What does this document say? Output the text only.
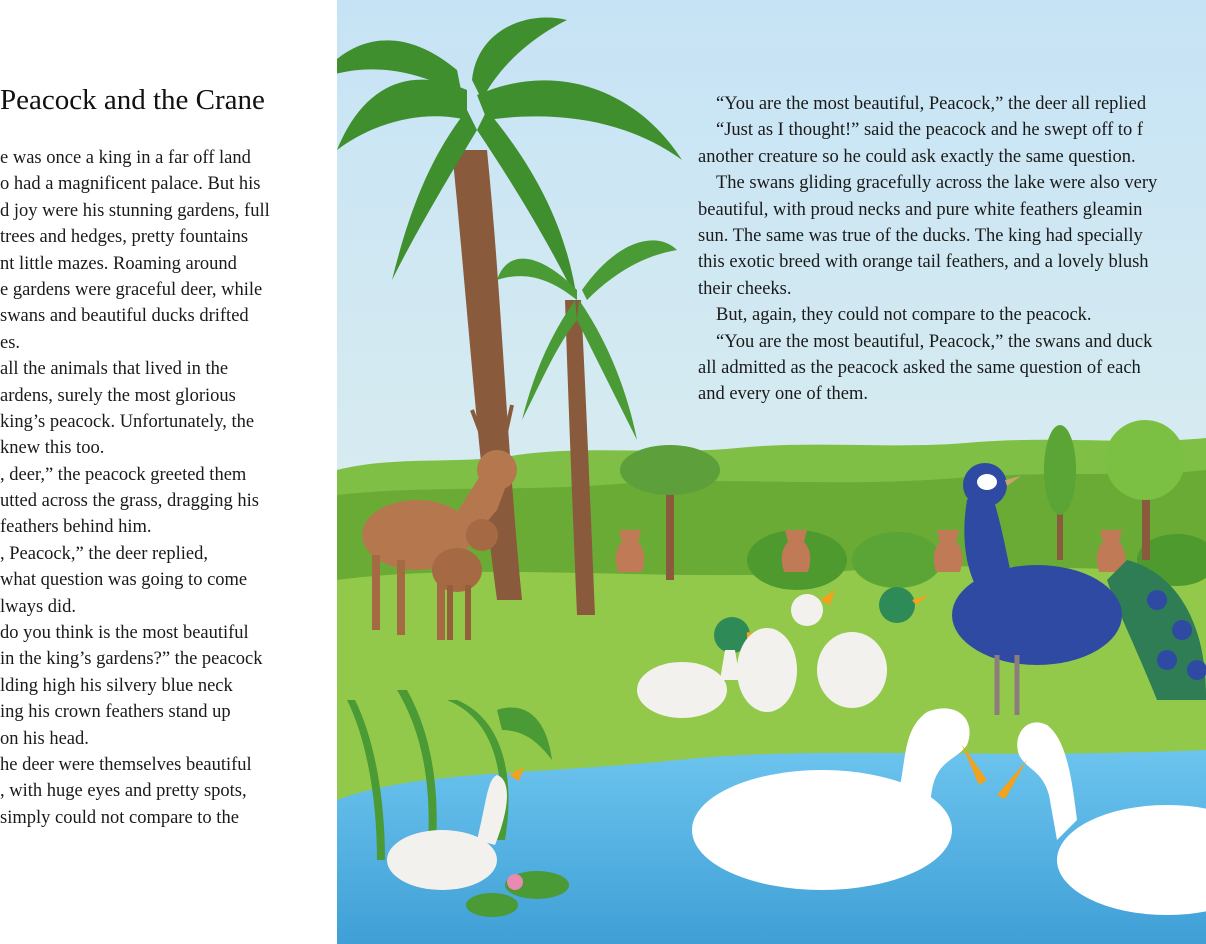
Peacock and the Crane
e was once a king in a far off land
o had a magnificent palace. But his
d joy were his stunning gardens, full
trees and hedges, pretty fountains
nt little mazes. Roaming around
e gardens were graceful deer, while
swans and beautiful ducks drifted
es.
all the animals that lived in the
ardens, surely the most glorious
king’s peacock. Unfortunately, the
knew this too.
, deer,” the peacock greeted them
utted across the grass, dragging his
feathers behind him.
, Peacock,” the deer replied,
what question was going to come
lways did.
do you think is the most beautiful
in the king’s gardens?” the peacock
lding high his silvery blue neck
ing his crown feathers stand up
on his head.
he deer were themselves beautiful
, with huge eyes and pretty spots,
simply could not compare to the
“You are the most beautiful, Peacock,” the deer all replied
“Just as I thought!” said the peacock and he swept off to f
another creature so he could ask exactly the same question.
The swans gliding gracefully across the lake were also very
beautiful, with proud necks and pure white feathers gleamin
sun. The same was true of the ducks. The king had specially
this exotic breed with orange tail feathers, and a lovely blush
their cheeks.
But, again, they could not compare to the peacock.
“You are the most beautiful, Peacock,” the swans and duck
all admitted as the peacock asked the same question of each
and every one of them.
